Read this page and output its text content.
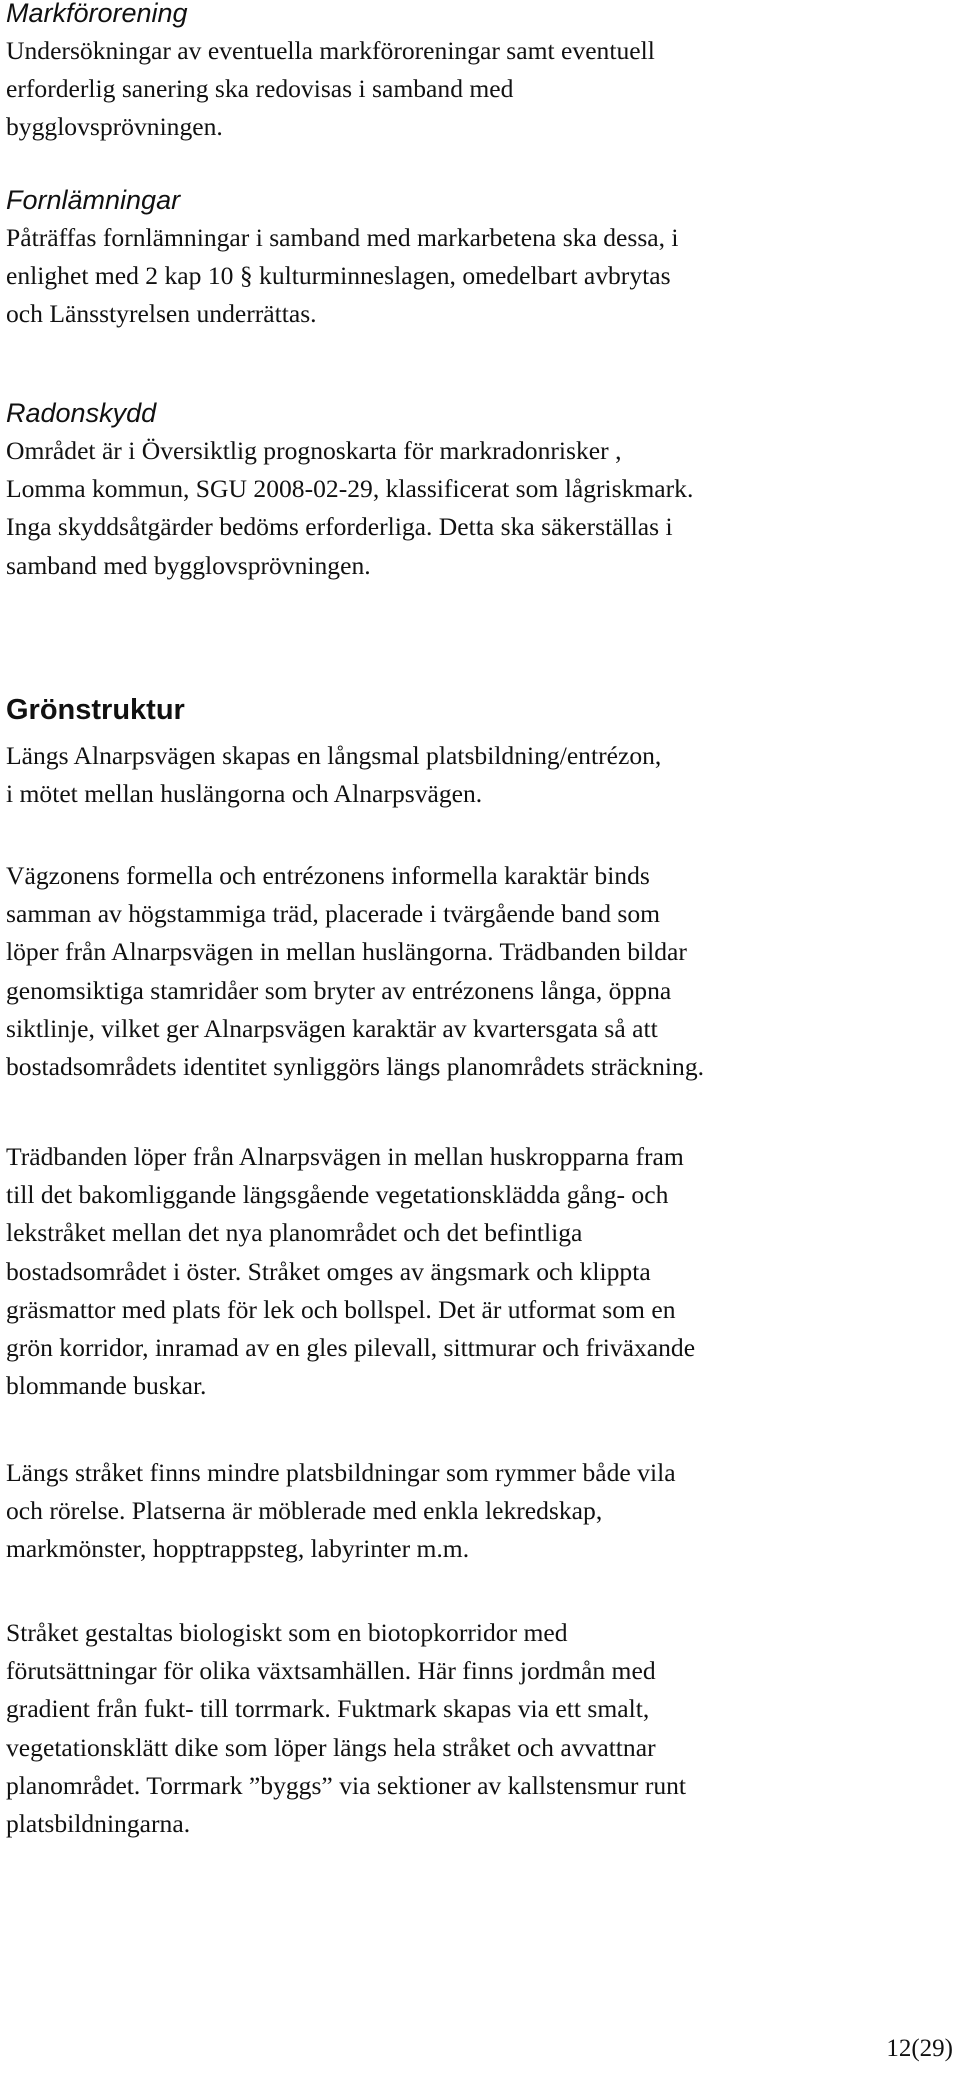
Markförorening

Undersökningar av eventuella markföroreningar samt eventuell
erforderlig sanering ska redovisas i samband med
bygglovsprövningen.

Fornlämningar

Påträffas fornlämningar i samband med markarbetena ska dessa, i
enlighet med 2 kap 10 § kulturminneslagen, omedelbart avbrytas
och Länsstyrelsen underrättas.

Radonskydd

Området är i Översiktlig prognoskarta för markradonrisker ,
Lomma kommun, SGU 2008-02-29, klassificerat som lågriskmark.
Inga skyddsåtgärder bedöms erforderliga. Detta ska säkerställas i
samband med bygglovsprövningen.

Grönstruktur

Längs Alnarpsvägen skapas en långsmal platsbildning/entrézon,
i mötet mellan huslängorna och Alnarpsvägen.

Vägzonens formella och entrézonens informella karaktär binds
samman av högstammiga träd, placerade i tvärgående band som
löper från Alnarpsvägen in mellan huslängorna. Trädbanden bildar
genomsiktiga stamridåer som bryter av entrézonens långa, öppna
siktlinje, vilket ger Alnarpsvägen karaktär av kvartersgata så att
bostadsområdets identitet synliggörs längs planområdets sträckning.

Trädbanden löper från Alnarpsvägen in mellan huskropparna fram
till det bakomliggande längsgående vegetationsklädda gång- och
lekstråket mellan det nya planområdet och det befintliga
bostadsområdet i öster. Stråket omges av ängsmark och klippta
gräsmattor med plats för lek och bollspel. Det är utformat som en
grön korridor, inramad av en gles pilevall, sittmurar och friväxande
blommande buskar.

Längs stråket finns mindre platsbildningar som rymmer både vila
och rörelse. Platserna är möblerade med enkla lekredskap,
markmönster, hopptrappsteg, labyrinter m.m.

Stråket gestaltas biologiskt som en biotopkorridor med
förutsättningar för olika växtsamhällen. Här finns jordmån med
gradient från fukt- till torrmark. Fuktmark skapas via ett smalt,
vegetationsklätt dike som löper längs hela stråket och avvattnar
planområdet. Torrmark ”byggs” via sektioner av kallstensmur runt
platsbildningarna.

12(29)
